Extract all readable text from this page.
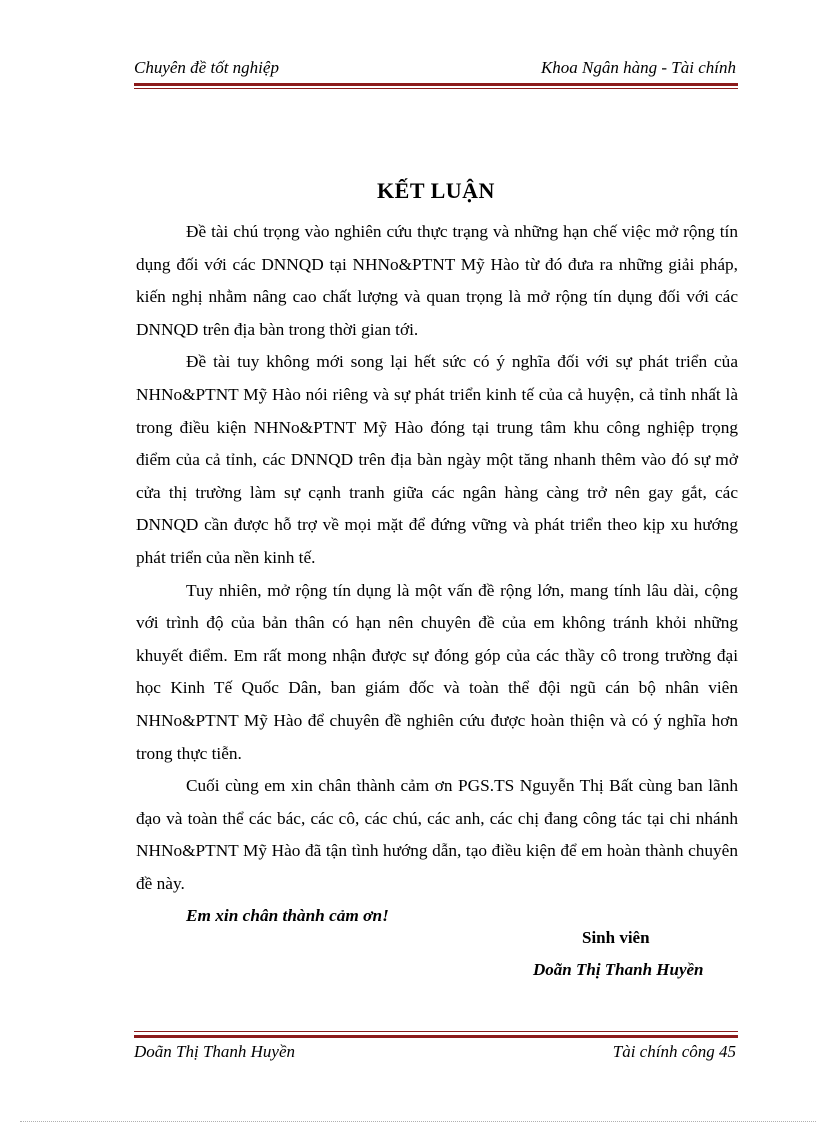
Chuyên đề tốt nghiệp	Khoa Ngân hàng - Tài chính
KẾT LUẬN

Đề tài chú trọng vào nghiên cứu thực trạng và những hạn chế việc mở rộng tín dụng đối với các DNNQD tại NHNo&PTNT Mỹ Hào từ đó đưa ra những giải pháp, kiến nghị nhằm nâng cao chất lượng và quan trọng là mở rộng tín dụng đối với các DNNQD trên địa bàn trong thời gian tới.

Đề tài tuy không mới song lại hết sức có ý nghĩa đối với sự phát triển của NHNo&PTNT Mỹ Hào nói riêng và sự phát triển kinh tế của cả huyện, cả tỉnh nhất là trong điều kiện NHNo&PTNT Mỹ Hào đóng tại trung tâm khu công nghiệp trọng điểm của cả tỉnh, các DNNQD trên địa bàn ngày một tăng nhanh thêm vào đó sự mở cửa thị trường làm sự cạnh tranh giữa các ngân hàng càng trở nên gay gắt, các DNNQD cần được hỗ trợ về mọi mặt để đứng vững và phát triển theo kịp xu hướng phát triển của nền kinh tế.

Tuy nhiên, mở rộng tín dụng là một vấn đề rộng lớn, mang tính lâu dài, cộng với trình độ của bản thân có hạn nên chuyên đề của em không tránh khỏi những khuyết điểm. Em rất mong nhận được sự đóng góp của các thầy cô trong trường đại học Kinh Tế Quốc Dân, ban giám đốc và toàn thể đội ngũ cán bộ nhân viên NHNo&PTNT Mỹ Hào để chuyên đề nghiên cứu được hoàn thiện và có ý nghĩa hơn trong thực tiễn.

Cuối cùng em xin chân thành cảm ơn PGS.TS Nguyễn Thị Bất cùng ban lãnh đạo và toàn thể các bác, các cô, các chú, các anh, các chị đang công tác tại chi nhánh NHNo&PTNT Mỹ Hào đã tận tình hướng dẫn, tạo điều kiện để em hoàn thành chuyên đề này.

Em xin chân thành cảm ơn!

Sinh viên
Doãn Thị Thanh Huyền
Doãn Thị Thanh Huyền	Tài chính công 45
